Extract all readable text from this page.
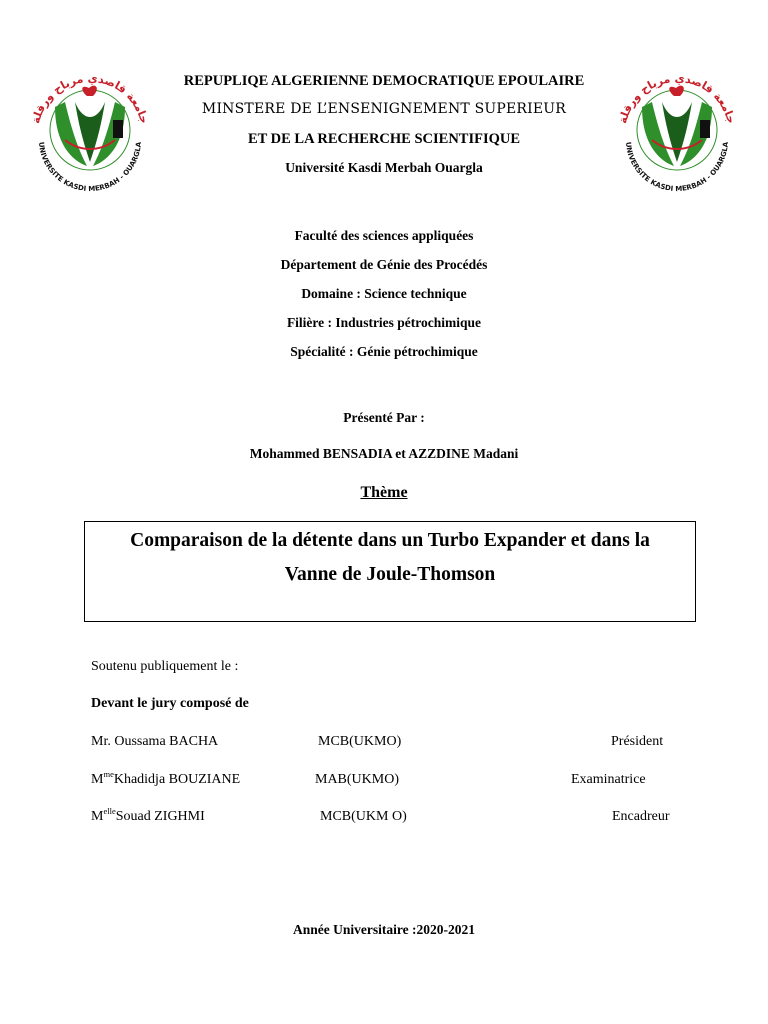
جامعة قاصدي مرباح ورقلة
UNIVERSITE KASDI MERBAH - OUARGLA
جامعة قاصدي مرباح ورقلة
UNIVERSITE KASDI MERBAH - OUARGLA
REPUPLIQE ALGERIENNE DEMOCRATIQUE EPOULAIRE
MINSTERE DE L’ENSENIGNEMENT SUPERIEUR
ET DE LA RECHERCHE SCIENTIFIQUE
Université Kasdi Merbah Ouargla
Faculté des sciences appliquées
Département de Génie des Procédés
Domaine : Science technique
Filière : Industries pétrochimique
Spécialité : Génie pétrochimique
Présenté Par :
Mohammed BENSADIA et AZZDINE Madani
Thème
Comparaison de la détente dans un Turbo Expander et dans la
Vanne de Joule-Thomson
Soutenu publiquement le :
Devant le jury composé de
Mr. Oussama BACHA	MCB(UKMO)	Président
$M^{me}Khadidja$ BOUZIANE	MAB(UKMO)	Examinatrice
$M^{elle}Souad$ ZIGHMI	MCB(UKM O)	Encadreur
Année Universitaire :2020-2021
